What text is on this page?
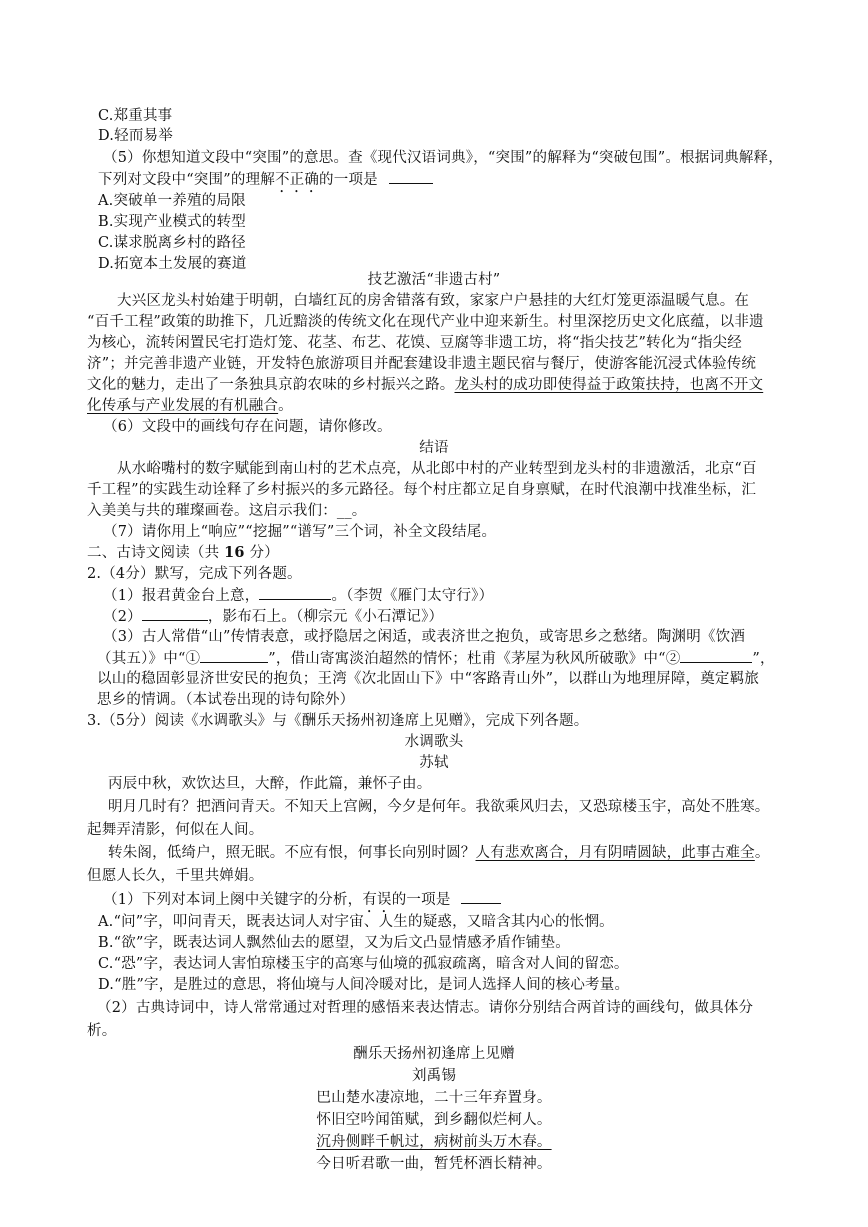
C.郑重其事
D.轻而易举
（5）你想知道文段中“突围”的意思。查《现代汉语词典》，“突围”的解释为“突破包围”。根据词典解释，
下列对文段中“突围”的理解不正确的一项是
A.突破单一养殖的局限
B.实现产业模式的转型
C.谋求脱离乡村的路径
D.拓宽本土发展的赛道
技艺激活“非遗古村”
大兴区龙头村始建于明朝，白墙红瓦的房舍错落有致，家家户户悬挂的大红灯笼更添温暖气息。在
“百千工程”政策的助推下，几近黯淡的传统文化在现代产业中迎来新生。村里深挖历史文化底蕴，以非遗
为核心，流转闲置民宅打造灯笼、花茎、布艺、花馍、豆腐等非遗工坊，将“指尖技艺”转化为“指尖经
济”；并完善非遗产业链，开发特色旅游项目并配套建设非遗主题民宿与餐厅，使游客能沉浸式体验传统
文化的魅力，走出了一条独具京韵农味的乡村振兴之路。龙头村的成功即使得益于政策扶持，也离不开文
化传承与产业发展的有机融合。
（6）文段中的画线句存在问题，请你修改。
结语
从水峪嘴村的数字赋能到南山村的艺术点亮，从北郎中村的产业转型到龙头村的非遗激活，北京“百
千工程”的实践生动诠释了乡村振兴的多元路径。每个村庄都立足自身禀赋，在时代浪潮中找准坐标，汇
入美美与共的璀璨画卷。这启示我们：__。
（7）请你用上“响应”“挖掘”“谱写”三个词，补全文段结尾。
二、古诗文阅读（共 16 分）
2.（4分）默写，完成下列各题。
（1）报君黄金台上意，	。（李贺《雁门太守行》）
（2）	，影布石上。（柳宗元《小石潭记》）
（3）古人常借“山”传情表意，或抒隐居之闲适，或表济世之抱负，或寄思乡之愁绪。陶渊明《饮酒
（其五）》中“①	”，借山寄寓淡泊超然的情怀；杜甫《茅屋为秋风所破歌》中“②	”，
以山的稳固彰显济世安民的抱负；王湾《次北固山下》中“客路青山外”，以群山为地理屏障，奠定羁旅
思乡的情调。（本试卷出现的诗句除外）
3.（5分）阅读《水调歌头》与《酬乐天扬州初逢席上见赠》，完成下列各题。
水调歌头
苏轼
丙辰中秋，欢饮达旦，大醉，作此篇，兼怀子由。
明月几时有？把酒问青天。不知天上宫阙，今夕是何年。我欲乘风归去，又恐琼楼玉宇，高处不胜寒。
起舞弄清影，何似在人间。
转朱阁，低绮户，照无眠。不应有恨，何事长向别时圆？人有悲欢离合，月有阴晴圆缺，此事古难全。
但愿人长久，千里共婵娟。
（1）下列对本词上阕中关键字的分析，有误的一项是
A.“问”字，叩问青天，既表达词人对宇宙、人生的疑惑，又暗含其内心的怅惘。
B.“欲”字，既表达词人飘然仙去的愿望，又为后文凸显情感矛盾作铺垫。
C.“恐”字，表达词人害怕琼楼玉宇的高寒与仙境的孤寂疏离，暗含对人间的留恋。
D.“胜”字，是胜过的意思，将仙境与人间冷暖对比，是词人选择人间的核心考量。
（2）古典诗词中，诗人常常通过对哲理的感悟来表达情志。请你分别结合两首诗的画线句，做具体分
析。
酬乐天扬州初逢席上见赠
刘禹锡
巴山楚水凄凉地，二十三年弃置身。
怀旧空吟闻笛赋，到乡翻似烂柯人。
沉舟侧畔千帆过，病树前头万木春。
今日听君歌一曲，暂凭杯酒长精神。
